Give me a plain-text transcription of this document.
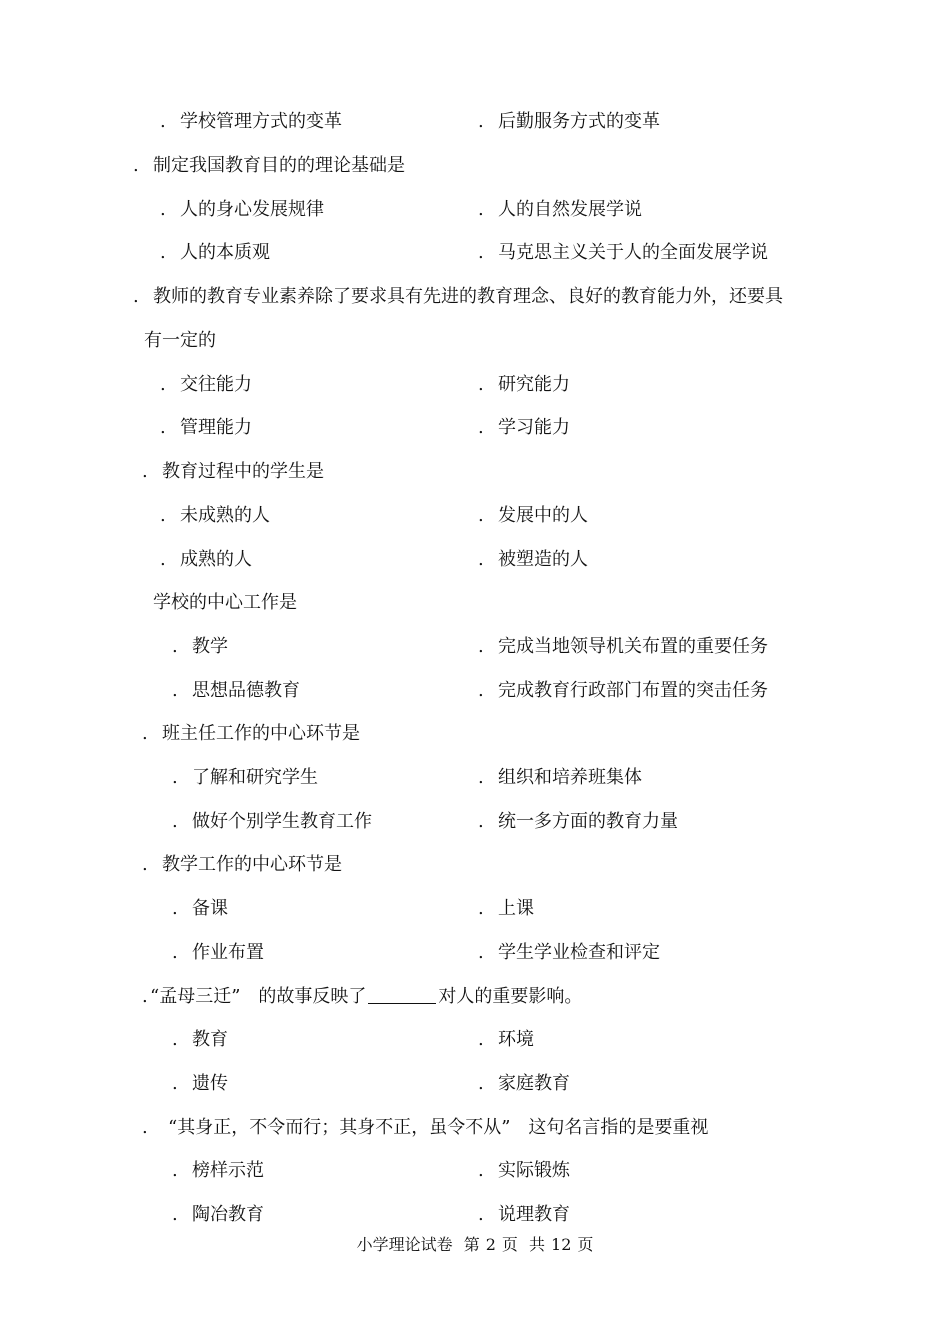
. 学校管理方式的变革	. 后勤服务方式的变革
. 制定我国教育目的的理论基础是
. 人的身心发展规律	. 人的自然发展学说
. 人的本质观	. 马克思主义关于人的全面发展学说
. 教师的教育专业素养除了要求具有先进的教育理念、良好的教育能力外，还要具
有一定的
. 交往能力	. 研究能力
. 管理能力	. 学习能力
. 教育过程中的学生是
. 未成熟的人	. 发展中的人
. 成熟的人	. 被塑造的人
学校的中心工作是
. 教学	. 完成当地领导机关布置的重要任务
. 思想品德教育	. 完成教育行政部门布置的突击任务
. 班主任工作的中心环节是
. 了解和研究学生	. 组织和培养班集体
. 做好个别学生教育工作	. 统一多方面的教育力量
. 教学工作的中心环节是
. 备课	. 上课
. 作业布置	. 学生学业检查和评定
. “孟母三迁”　的故事反映了	对人的重要影响。
. 教育	. 环境
. 遗传	. 家庭教育
. “其身正，不令而行；其身不正，虽令不从”　这句名言指的是要重视
. 榜样示范	. 实际锻炼
. 陶冶教育	. 说理教育
小学理论试卷 第 2 页 共 12 页
